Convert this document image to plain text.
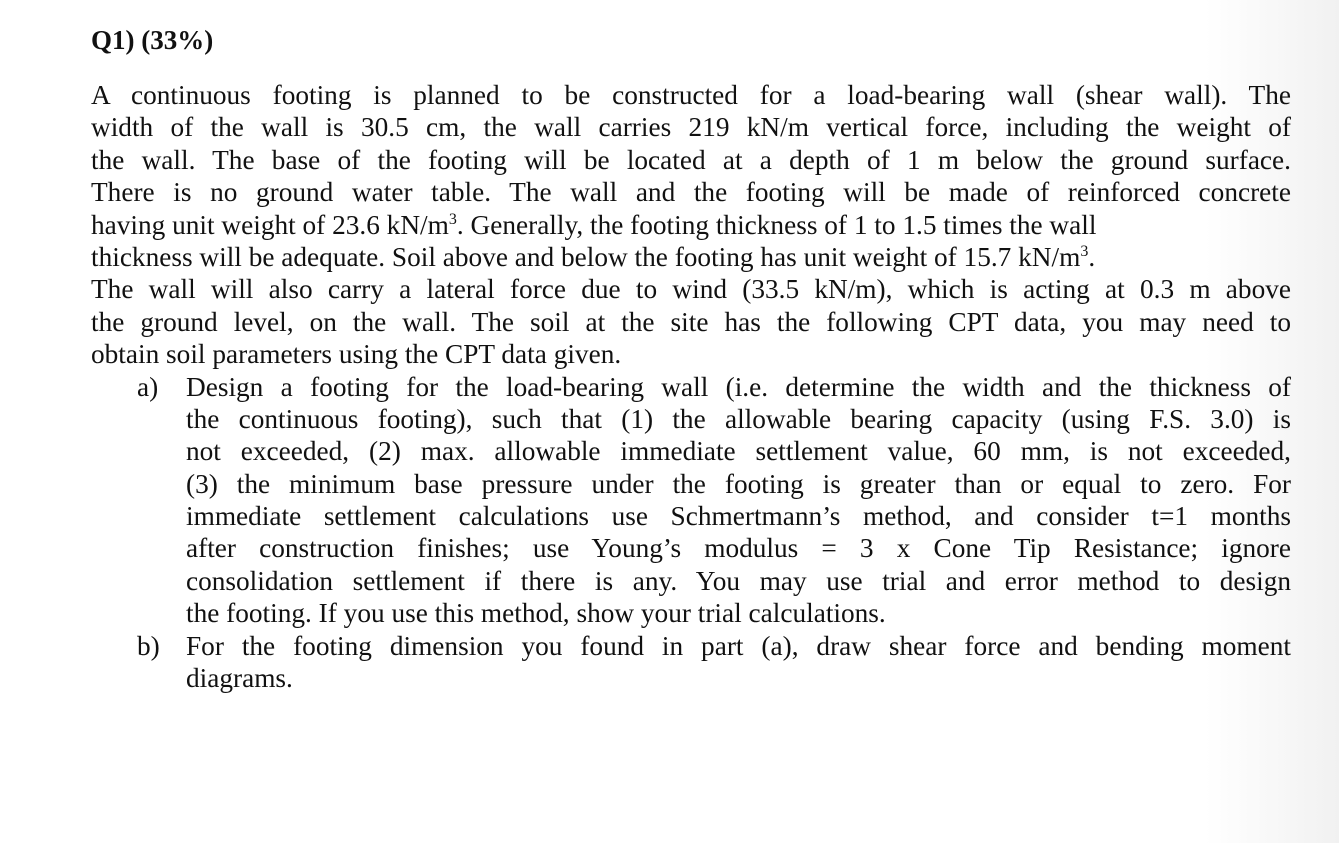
Q1) (33%)
A continuous footing is planned to be constructed for a load-bearing wall (shear wall). The
width of the wall is 30.5 cm, the wall carries 219 kN/m vertical force, including the weight of
the wall. The base of the footing will be located at a depth of 1 m below the ground surface.
There is no ground water table. The wall and the footing will be made of reinforced concrete
having unit weight of 23.6 $kN/m^3$. Generally, the footing thickness of 1 to 1.5 times the wall
thickness will be adequate. Soil above and below the footing has unit weight of 15.7 $kN/m^3$.
The wall will also carry a lateral force due to wind (33.5 kN/m), which is acting at 0.3 m above
the ground level, on the wall. The soil at the site has the following CPT data, you may need to
obtain soil parameters using the CPT data given.
a) Design a footing for the load-bearing wall (i.e. determine the width and the thickness of
the continuous footing), such that (1) the allowable bearing capacity (using F.S. 3.0) is
not exceeded, (2) max. allowable immediate settlement value, 60 mm, is not exceeded,
(3) the minimum base pressure under the footing is greater than or equal to zero. For
immediate settlement calculations use Schmertmann’s method, and consider t=1 months
after construction finishes; use Young’s modulus = 3 x Cone Tip Resistance; ignore
consolidation settlement if there is any. You may use trial and error method to design
the footing. If you use this method, show your trial calculations.
b) For the footing dimension you found in part (a), draw shear force and bending moment
diagrams.
